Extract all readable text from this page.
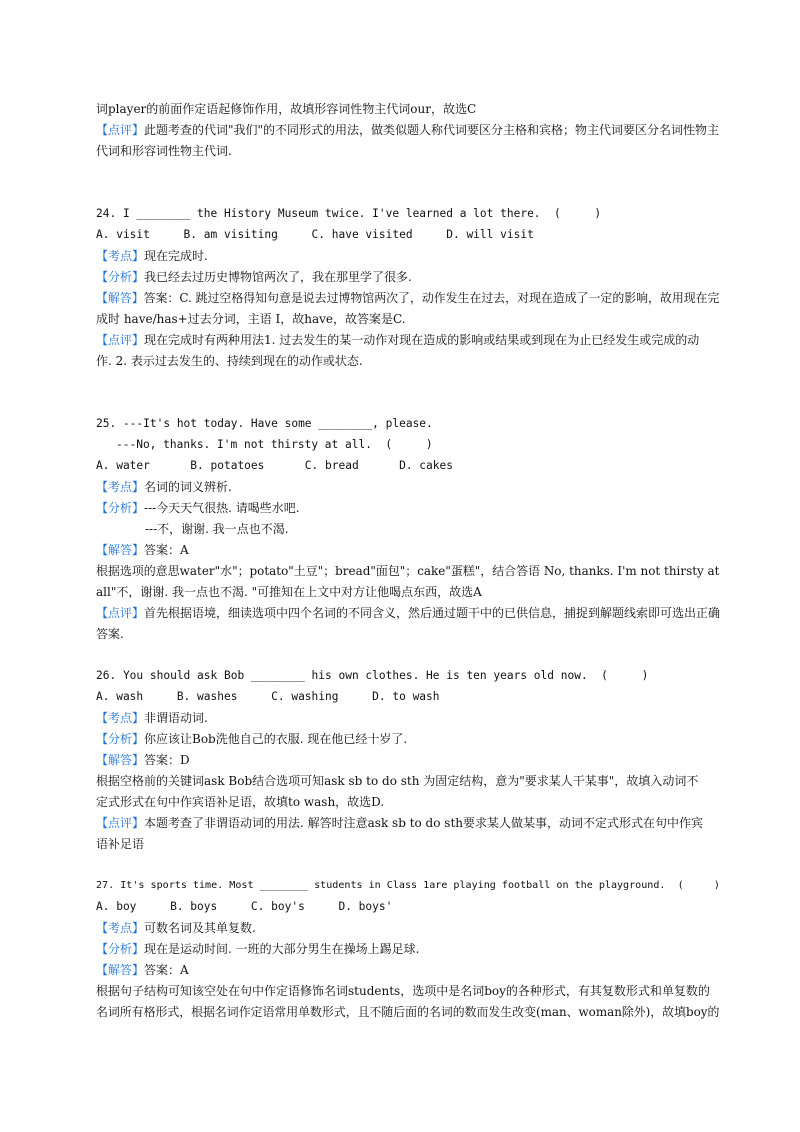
词player的前面作定语起修饰作用，故填形容词性物主代词our，故选C
【点评】此题考查的代词"我们"的不同形式的用法，做类似题人称代词要区分主格和宾格；物主代词要区分名词性物主
代词和形容词性物主代词.
24. I ________ the History Museum twice. I've learned a lot there.  (     )
A. visit     B. am visiting     C. have visited     D. will visit
【考点】现在完成时.
【分析】我已经去过历史博物馆两次了，我在那里学了很多.
【解答】答案：C. 跳过空格得知句意是说去过博物馆两次了，动作发生在过去，对现在造成了一定的影响，故用现在完
成时 have/has+过去分词，主语 I，故have，故答案是C.
【点评】现在完成时有两种用法1. 过去发生的某一动作对现在造成的影响或结果或到现在为止已经发生或完成的动
作. 2. 表示过去发生的、持续到现在的动作或状态.
25. ---It's hot today. Have some ________, please.
---No, thanks. I'm not thirsty at all.  (     )
A. water      B. potatoes      C. bread      D. cakes
【考点】名词的词义辨析.
【分析】---今天天气很热. 请喝些水吧.
---不，谢谢. 我一点也不渴.
【解答】答案：A
根据选项的意思water"水"；potato"土豆"；bread"面包"；cake"蛋糕"，结合答语 No, thanks. I'm not thirsty at
all"不，谢谢. 我一点也不渴. "可推知在上文中对方让他喝点东西，故选A
【点评】首先根据语境，细读选项中四个名词的不同含义，然后通过题干中的已供信息，捕捉到解题线索即可选出正确
答案.
26. You should ask Bob ________ his own clothes. He is ten years old now.  (     )
A. wash     B. washes     C. washing     D. to wash
【考点】非谓语动词.
【分析】你应该让Bob洗他自己的衣服. 现在他已经十岁了.
【解答】答案：D
根据空格前的关键词ask Bob结合选项可知ask sb to do sth 为固定结构，意为"要求某人干某事"，故填入动词不
定式形式在句中作宾语补足语，故填to wash，故选D.
【点评】本题考查了非谓语动词的用法. 解答时注意ask sb to do sth要求某人做某事，动词不定式形式在句中作宾
语补足语
27. It's sports time. Most ________ students in Class 1are playing football on the playground.  (     )
A. boy     B. boys     C. boy's     D. boys'
【考点】可数名词及其单复数.
【分析】现在是运动时间. 一班的大部分男生在操场上踢足球.
【解答】答案：A
根据句子结构可知该空处在句中作定语修饰名词students，选项中是名词boy的各种形式，有其复数形式和单复数的
名词所有格形式，根据名词作定语常用单数形式，且不随后面的名词的数而发生改变(man、woman除外)，故填boy的
